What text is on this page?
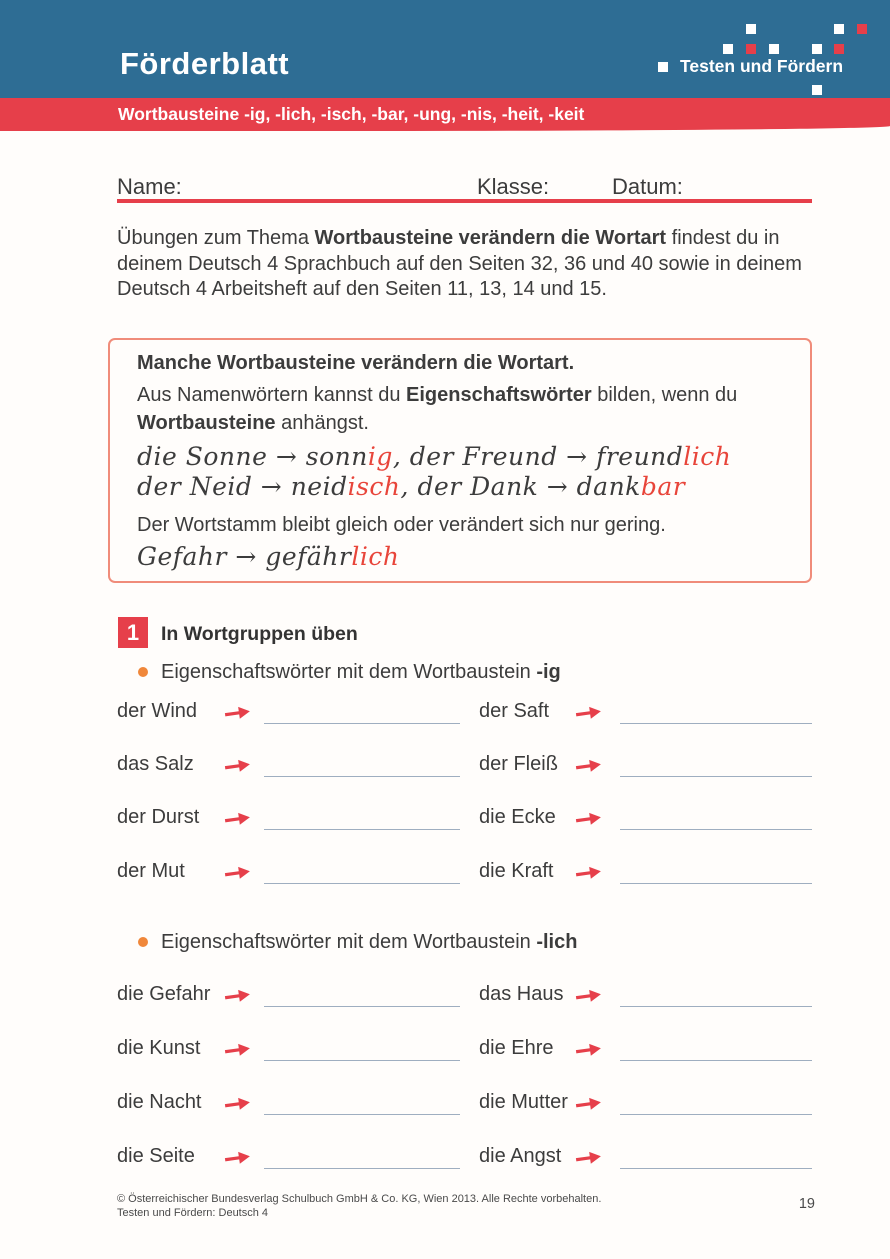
Förderblatt	Testen und Fördern
Wortbausteine -ig, -lich, -isch, -bar, -ung, -nis, -heit, -keit
Name:	Klasse:	Datum:

Übungen zum Thema Wortbausteine verändern die Wortart findest du in deinem Deutsch 4 Sprachbuch auf den Seiten 32, 36 und 40 sowie in deinem Deutsch 4 Arbeitsheft auf den Seiten 11, 13, 14 und 15.

Manche Wortbausteine verändern die Wortart.
Aus Namenwörtern kannst du Eigenschaftswörter bilden, wenn du
Wortbausteine anhängst.
die Sonne → sonnig, der Freund → freundlich
der Neid → neidisch, der Dank → dankbar
Der Wortstamm bleibt gleich oder verändert sich nur gering.
Gefahr → gefährlich
1	In Wortgruppen üben
Eigenschaftswörter mit dem Wortbaustein -ig
der Wind	der Saft
das Salz	der Fleiß
der Durst	die Ecke
der Mut	die Kraft
Eigenschaftswörter mit dem Wortbaustein -lich
die Gefahr	das Haus
die Kunst	die Ehre
die Nacht	die Mutter
die Seite	die Angst
© Österreichischer Bundesverlag Schulbuch GmbH & Co. KG, Wien 2013. Alle Rechte vorbehalten.
Testen und Fördern: Deutsch 4
19
